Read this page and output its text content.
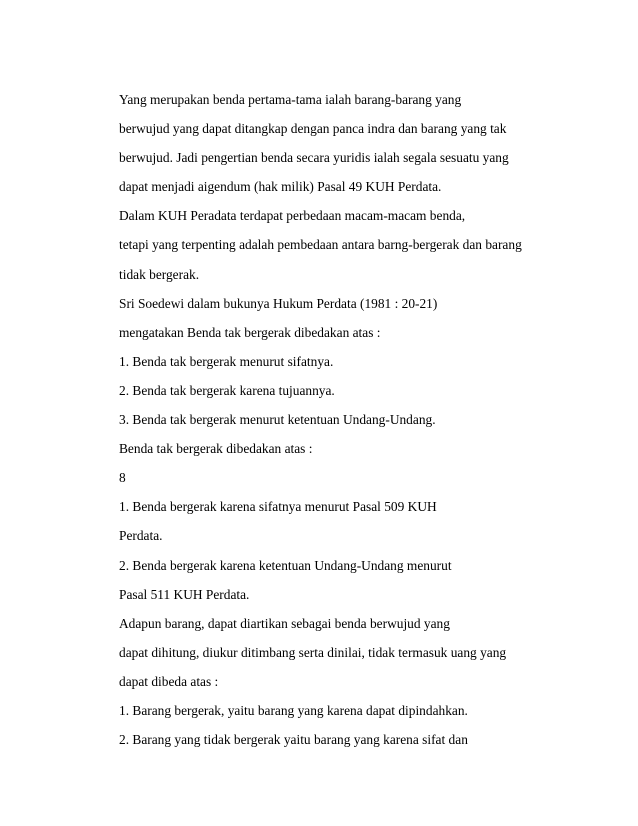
Yang merupakan benda pertama-tama ialah barang-barang yang
berwujud yang dapat ditangkap dengan panca indra dan barang yang tak
berwujud. Jadi pengertian benda secara yuridis ialah segala sesuatu yang
dapat menjadi aigendum (hak milik) Pasal 49 KUH Perdata.
Dalam KUH Peradata terdapat perbedaan macam-macam benda,
tetapi yang terpenting adalah pembedaan antara barng-bergerak dan barang
tidak bergerak.
Sri Soedewi dalam bukunya Hukum Perdata (1981 : 20-21)
mengatakan Benda tak bergerak dibedakan atas :
1. Benda tak bergerak menurut sifatnya.
2. Benda tak bergerak karena tujuannya.
3. Benda tak bergerak menurut ketentuan Undang-Undang.
Benda tak bergerak dibedakan atas :
8
1. Benda bergerak karena sifatnya menurut Pasal 509 KUH
Perdata.
2. Benda bergerak karena ketentuan Undang-Undang menurut
Pasal 511 KUH Perdata.
Adapun barang, dapat diartikan sebagai benda berwujud yang
dapat dihitung, diukur ditimbang serta dinilai, tidak termasuk uang yang
dapat dibeda atas :
1. Barang bergerak, yaitu barang yang karena dapat dipindahkan.
2. Barang yang tidak bergerak yaitu barang yang karena sifat dan
